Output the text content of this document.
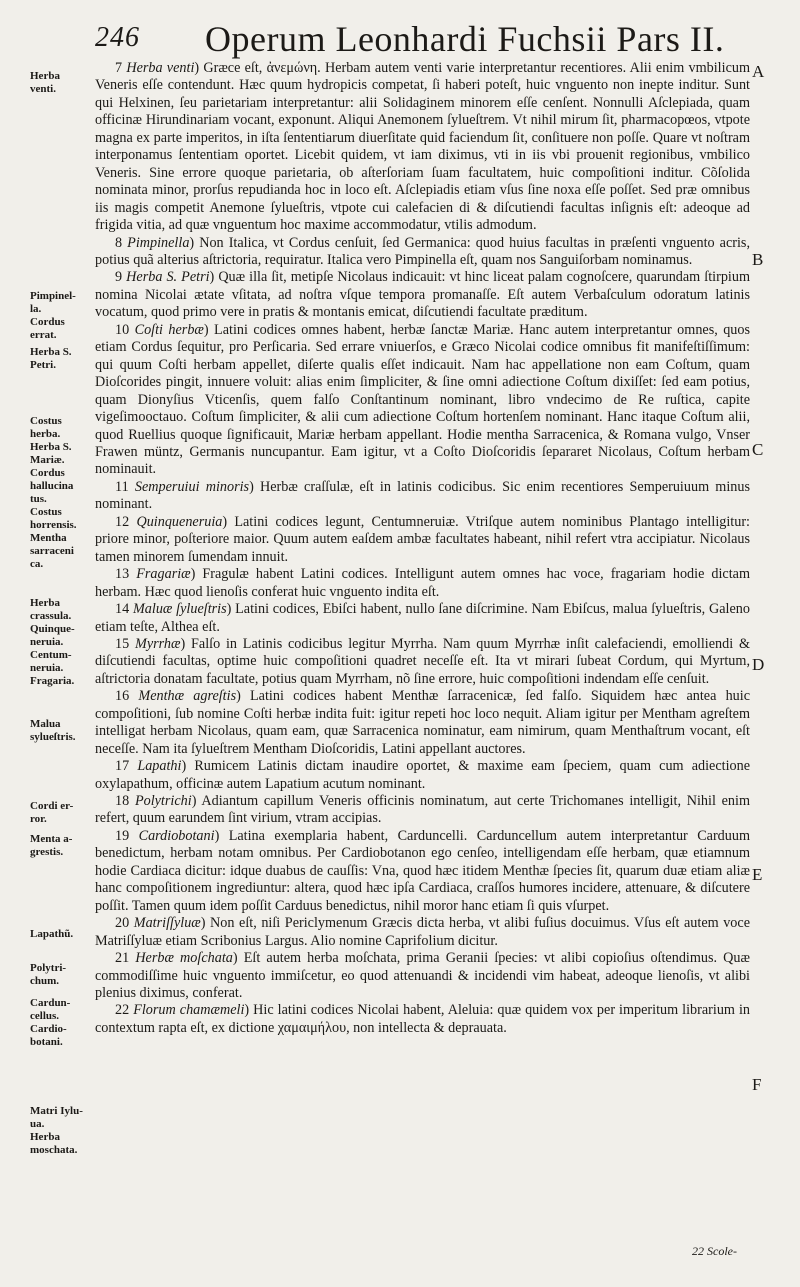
246 Operum Leonhardi Fuchsii Pars II.
Herba
venti.
Pimpinel-
la.
Cordus
errat.
Herba S.
Petri.
Costus
herba.
Herba S.
Mariæ.
Cordus
hallucina
tus.
Costus
horrensis.
Mentha
sarraceni
ca.
Herba
crassula.
Quinque-
neruia.
Centum-
neruia.
Fragaria.
Malua
sylueſtris.
Cordi er-
ror.
Menta a-
grestis.
Lapathũ.
Polytri-
chum.
Cardun-
cellus.
Cardio-
botani.
Matri Iylu-
ua.
Herba
moschata.
A
B
C
D
E
F

7 Herba venti) Græce eſt, ἀνεμώνη. Herbam autem venti varie interpretantur recentiores. Alii enim vmbilicum Veneris eſſe contendunt. Hæc quum hydropicis competat, ſi haberi poteſt, huic vnguento non inepte inditur. Sunt qui Helxinen, ſeu parietariam interpretantur: alii Solidaginem minorem eſſe cenſent. Nonnulli Aſclepiada, quam officinæ Hirundinariam vocant, exponunt. Aliqui Anemonem ſylueſtrem. Vt nihil mirum ſit, pharmacopœos, vtpote magna ex parte imperitos, in iſta ſententiarum diuerſitate quid faciendum ſit, conſituere non poſſe. Quare vt noſtram interponamus ſententiam oportet. Licebit quidem, vt iam diximus, vti in iis vbi prouenit regionibus, vmbilico Veneris. Sine errore quoque parietaria, ob aſterſoriam ſuam facultatem, huic compoſitioni inditur. Cõſolida nominata minor, prorſus repudianda hoc in loco eſt. Aſclepiadis etiam vſus ſine noxa eſſe poſſet. Sed præ omnibus iis magis competit Anemone ſylueſtris, vtpote cui calefacien di & diſcutiendi facultas inſignis eſt: adeoque ad frigida vitia, ad quæ vnguentum hoc maxime accommodatur, vtilis admodum.

8 Pimpinella) Non Italica, vt Cordus cenſuit, ſed Germanica: quod huius facultas in præſenti vnguento acris, potius quã alterius aſtrictoria, requiratur. Italica vero Pimpinella eſt, quam nos Sanguiſorbam nominamus.

9 Herba S. Petri) Quæ illa ſit, metipſe Nicolaus indicauit: vt hinc liceat palam cognoſcere, quarundam ſtirpium nomina Nicolai ætate vſitata, ad noſtra vſque tempora promanaſſe. Eſt autem Verbaſculum odoratum latinis vocatum, quod primo vere in pratis & montanis emicat, diſcutiendi facultate præditum.

10 Coſti herbæ) Latini codices omnes habent, herbæ ſanctæ Mariæ. Hanc autem interpretantur omnes, quos etiam Cordus ſequitur, pro Perſicaria. Sed errare vniuerſos, e Græco Nicolai codice omnibus fit manifeſtiſſimum: qui quum Coſti herbam appellet, diſerte qualis eſſet indicauit. Nam hac appellatione non eam Coſtum, quam Dioſcorides pingit, innuere voluit: alias enim ſimpliciter, & ſine omni adiectione Coſtum dixiſſet: ſed eam potius, quam Dionyſius Vticenſis, quem falſo Conſtantinum nominant, libro vndecimo de Re ruſtica, capite vigeſimooctauo. Coſtum ſimpliciter, & alii cum adiectione Coſtum hortenſem nominant. Hanc itaque Coſtum alii, quod Ruellius quoque ſignificauit, Mariæ herbam appellant. Hodie mentha Sarracenica, & Romana vulgo, Vnser Frawen müntz, Germanis nuncupantur. Eam igitur, vt a Coſto Dioſcoridis ſepararet Nicolaus, Coſtum herbam nominauit.

11 Semperuiui minoris) Herbæ craſſulæ, eſt in latinis codicibus. Sic enim recentiores Semperuiuum minus nominant.

12 Quinqueneruia) Latini codices legunt, Centumneruiæ. Vtriſque autem nominibus Plantago intelligitur: priore minor, poſteriore maior. Quum autem eaſdem ambæ facultates habeant, nihil refert vtra accipiatur. Nicolaus tamen minorem ſumendam innuit.

13 Fragariæ) Fragulæ habent Latini codices. Intelligunt autem omnes hac voce, fragariam hodie dictam herbam. Hæc quod lienoſis conferat huic vnguento indita eſt.

14 Maluæ ſylueſtris) Latini codices, Ebiſci habent, nullo ſane diſcrimine. Nam Ebiſcus, malua ſylueſtris, Galeno etiam teſte, Althea eſt.

15 Myrrhæ) Falſo in Latinis codicibus legitur Myrrha. Nam quum Myrrhæ inſit calefaciendi, emolliendi & diſcutiendi facultas, optime huic compoſitioni quadret neceſſe eſt. Ita vt mirari ſubeat Cordum, qui Myrtum, aſtrictoria donatam facultate, potius quam Myrrham, nõ ſine errore, huic compoſitioni indendam eſſe cenſuit.

16 Menthæ agreſtis) Latini codices habent Menthæ ſarracenicæ, ſed falſo. Siquidem hæc antea huic compoſitioni, ſub nomine Coſti herbæ indita fuit: igitur repeti hoc loco nequit. Aliam igitur per Mentham agreſtem intelligat herbam Nicolaus, quam eam, quæ Sarracenica nominatur, eam nimirum, quam Menthaſtrum vocant, eſt neceſſe. Nam ita ſylueſtrem Mentham Dioſcoridis, Latini appellant auctores.

17 Lapathi) Rumicem Latinis dictam inaudire oportet, & maxime eam ſpeciem, quam cum adiectione oxylapathum, officinæ autem Lapatium acutum nominant.

18 Polytrichi) Adiantum capillum Veneris officinis nominatum, aut certe Trichomanes intelligit, Nihil enim refert, quum earundem ſint virium, vtram accipias.

19 Cardiobotani) Latina exemplaria habent, Carduncelli. Carduncellum autem interpretantur Carduum benedictum, herbam notam omnibus. Per Cardiobotanon ego cenſeo, intelligendam eſſe herbam, quæ etiamnum hodie Cardiaca dicitur: idque duabus de cauſſis: Vna, quod hæc itidem Menthæ ſpecies ſit, quarum duæ etiam aliæ hanc compoſitionem ingrediuntur: altera, quod hæc ipſa Cardiaca, craſſos humores incidere, attenuare, & diſcutere poſſit. Tamen quum idem poſſit Carduus benedictus, nihil moror hanc etiam ſi quis vſurpet.

20 Matriſſyluæ) Non eſt, niſi Periclymenum Græcis dicta herba, vt alibi fuſius docuimus. Vſus eſt autem voce Matriſſyluæ etiam Scribonius Largus. Alio nomine Caprifolium dicitur.

21 Herbæ moſchata) Eſt autem herba moſchata, prima Geranii ſpecies: vt alibi copioſius oſtendimus. Quæ commodiſſime huic vnguento immiſcetur, eo quod attenuandi & incidendi vim habeat, adeoque lienoſis, vt alibi plenius diximus, conferat.

22 Florum chamæmeli) Hic latini codices Nicolai habent, Aleluia: quæ quidem vox per imperitum librarium in contextum rapta eſt, ex dictione χαμαιμήλου, non intellecta & deprauata.

22 Scole-
